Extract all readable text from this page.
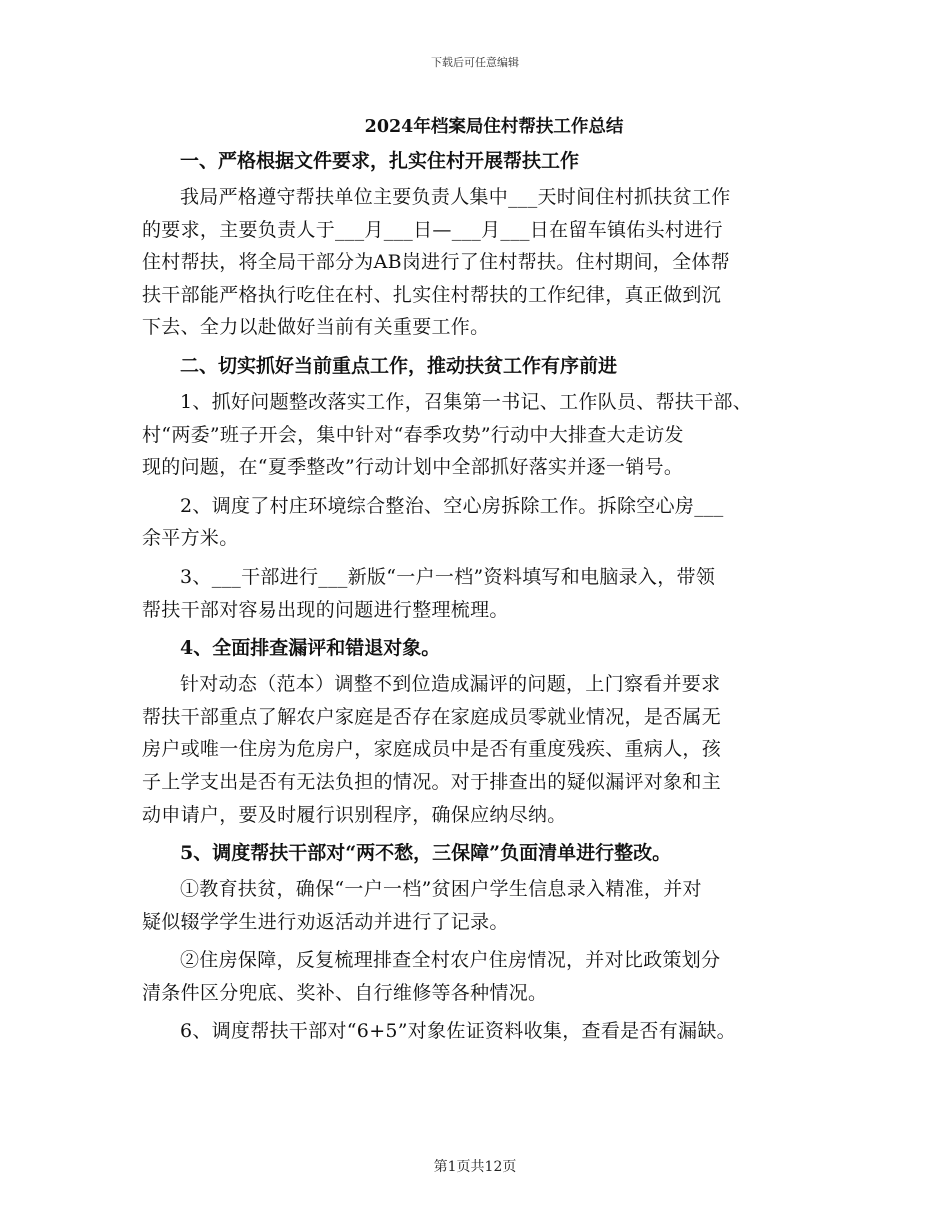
下载后可任意编辑
2024年档案局住村帮扶工作总结
一、严格根据文件要求，扎实住村开展帮扶工作
我局严格遵守帮扶单位主要负责人集中___天时间住村抓扶贫工作
的要求，主要负责人于___月___日—___月___日在留车镇佑头村进行
住村帮扶，将全局干部分为AB岗进行了住村帮扶。住村期间，全体帮
扶干部能严格执行吃住在村、扎实住村帮扶的工作纪律，真正做到沉
下去、全力以赴做好当前有关重要工作。
二、切实抓好当前重点工作，推动扶贫工作有序前进
1、抓好问题整改落实工作，召集第一书记、工作队员、帮扶干部、
村“两委”班子开会，集中针对“春季攻势”行动中大排查大走访发
现的问题，在“夏季整改”行动计划中全部抓好落实并逐一销号。
2、调度了村庄环境综合整治、空心房拆除工作。拆除空心房___
余平方米。
3、___干部进行___新版“一户一档”资料填写和电脑录入，带领
帮扶干部对容易出现的问题进行整理梳理。
4、全面排查漏评和错退对象。
针对动态（范本）调整不到位造成漏评的问题，上门察看并要求
帮扶干部重点了解农户家庭是否存在家庭成员零就业情况，是否属无
房户或唯一住房为危房户，家庭成员中是否有重度残疾、重病人，孩
子上学支出是否有无法负担的情况。对于排查出的疑似漏评对象和主
动申请户，要及时履行识别程序，确保应纳尽纳。
5、调度帮扶干部对“两不愁，三保障”负面清单进行整改。
①教育扶贫，确保“一户一档”贫困户学生信息录入精准，并对
疑似辍学学生进行劝返活动并进行了记录。
②住房保障，反复梳理排查全村农户住房情况，并对比政策划分
清条件区分兜底、奖补、自行维修等各种情况。
6、调度帮扶干部对“6+5”对象佐证资料收集，查看是否有漏缺。
第1页共12页
